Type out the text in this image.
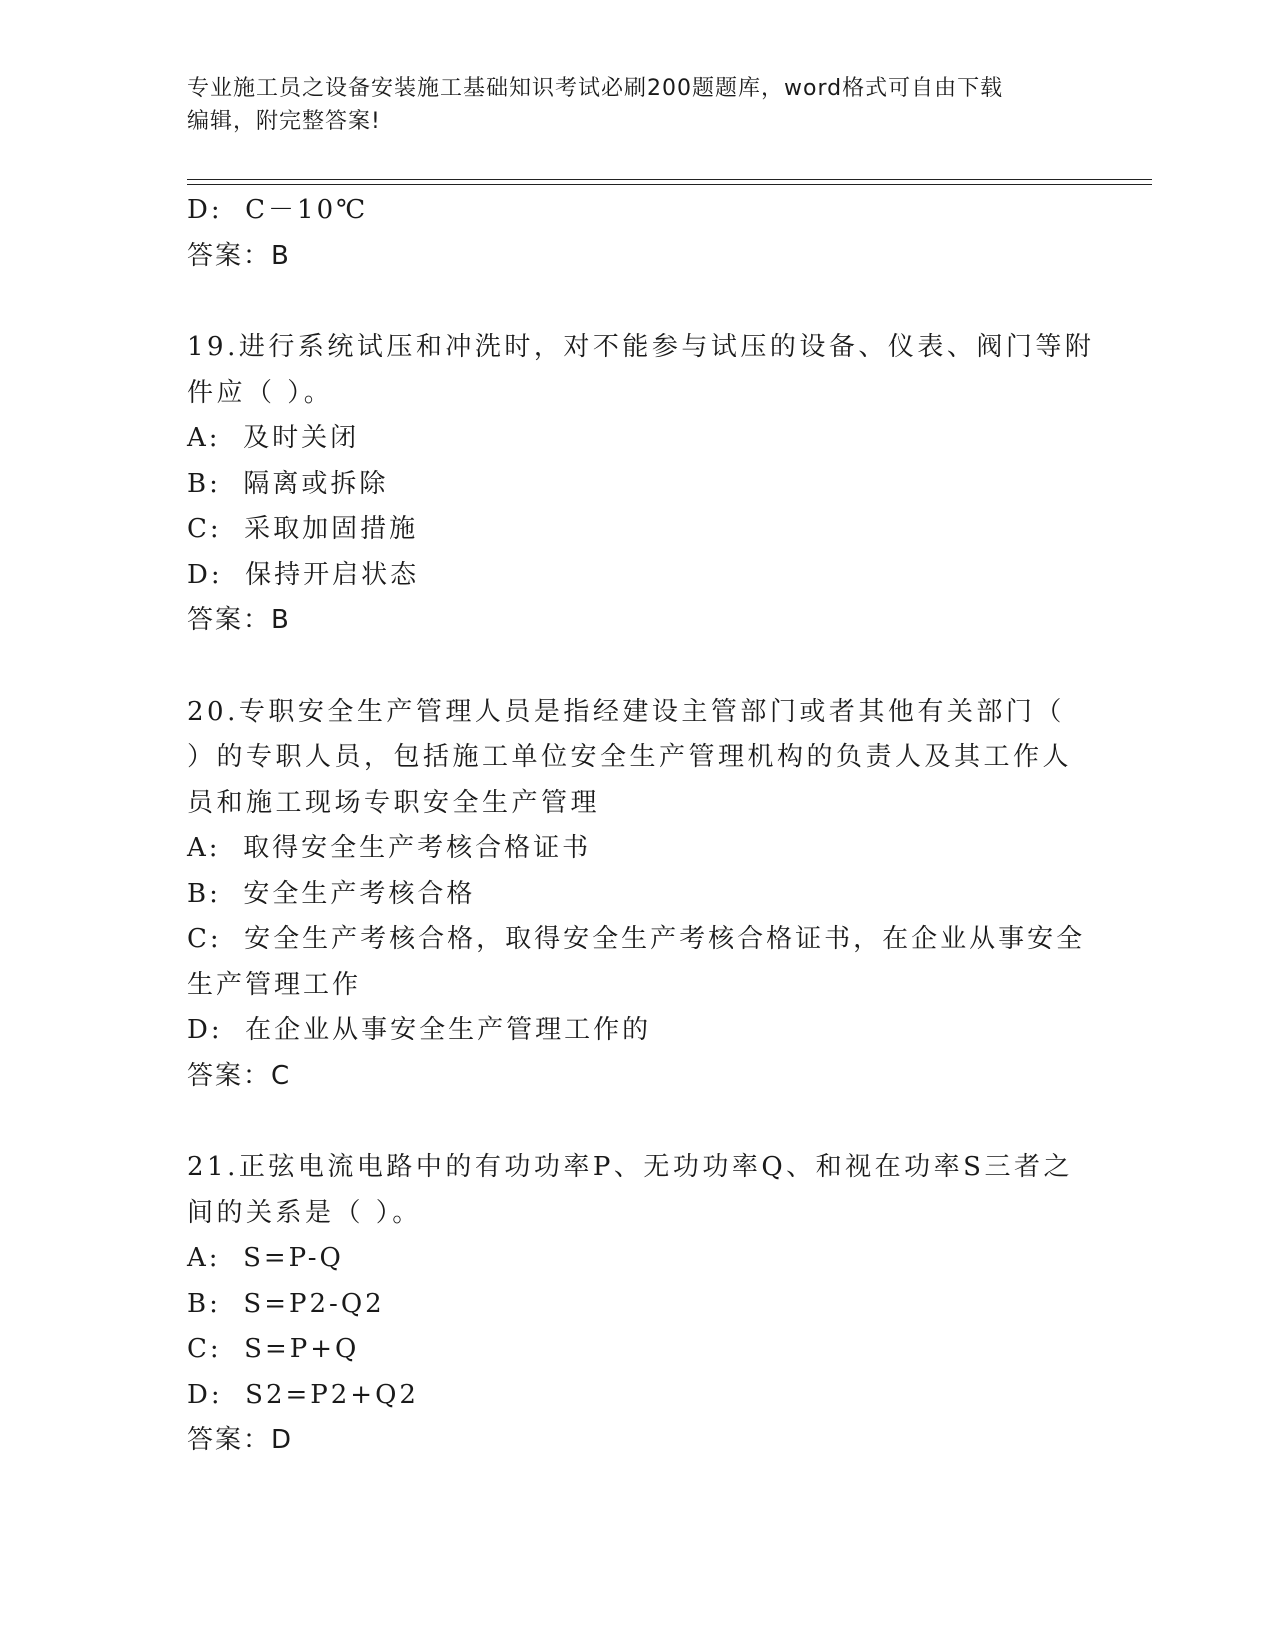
专业施工员之设备安装施工基础知识考试必刷200题题库，word格式可自由下载
编辑，附完整答案!
D:  C－10℃
答案：B
19.进行系统试压和冲洗时，对不能参与试压的设备、仪表、阀门等附
件应（ ）。
A:  及时关闭
B:  隔离或拆除
C:  采取加固措施
D:  保持开启状态
答案：B
20.专职安全生产管理人员是指经建设主管部门或者其他有关部门（
）的专职人员，包括施工单位安全生产管理机构的负责人及其工作人
员和施工现场专职安全生产管理
A:  取得安全生产考核合格证书
B:  安全生产考核合格
C:  安全生产考核合格，取得安全生产考核合格证书，在企业从事安全
生产管理工作
D:  在企业从事安全生产管理工作的
答案：C
21.正弦电流电路中的有功功率P、无功功率Q、和视在功率S三者之
间的关系是（ ）。
A:  S=P-Q
B:  S=P2-Q2
C:  S=P+Q
D:  S2=P2+Q2
答案：D
